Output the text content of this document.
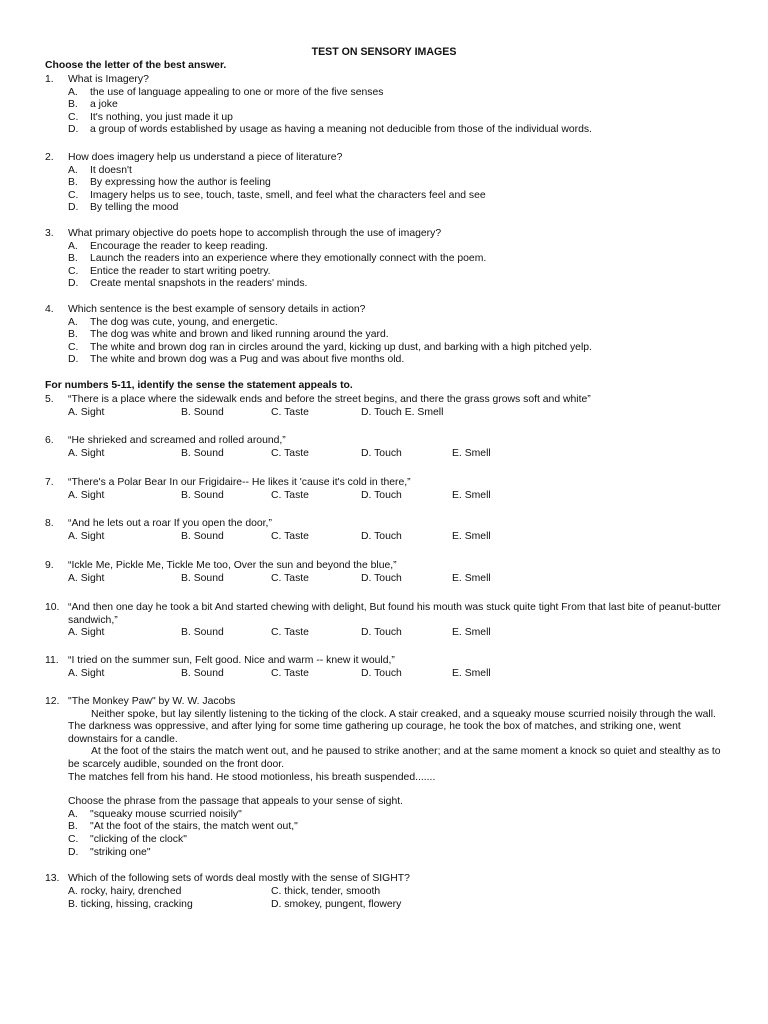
TEST ON SENSORY IMAGES
Choose the letter of the best answer.
1. What is Imagery?
A. the use of language appealing to one or more of the five senses
B. a joke
C. It's nothing, you just made it up
D. a group of words established by usage as having a meaning not deducible from those of the individual words.
2. How does imagery help us understand a piece of literature?
A. It doesn't
B. By expressing how the author is feeling
C. Imagery helps us to see, touch, taste, smell, and feel what the characters feel and see
D. By telling the mood
3. What primary objective do poets hope to accomplish through the use of imagery?
A. Encourage the reader to keep reading.
B. Launch the readers into an experience where they emotionally connect with the poem.
C. Entice the reader to start writing poetry.
D. Create mental snapshots in the readers' minds.
4. Which sentence is the best example of sensory details in action?
A. The dog was cute, young, and energetic.
B. The dog was white and brown and liked running around the yard.
C. The white and brown dog ran in circles around the yard, kicking up dust, and barking with a high pitched yelp.
D. The white and brown dog was a Pug and was about five months old.
For numbers 5-11, identify the sense the statement appeals to.
5. “There is a place where the sidewalk ends and before the street begins, and there the grass grows soft and white”
A. Sight	B. Sound	C. Taste	D. Touch E. Smell
6. “He shrieked and screamed and rolled around,”
A. Sight	B. Sound	C. Taste	D. Touch	E. Smell
7. “There's a Polar Bear In our Frigidaire-- He likes it 'cause it's cold in there,”
A. Sight	B. Sound	C. Taste	D. Touch	E. Smell
8. “And he lets out a roar If you open the door,”
A. Sight	B. Sound	C. Taste	D. Touch	E. Smell
9. “Ickle Me, Pickle Me, Tickle Me too, Over the sun and beyond the blue,”
A. Sight	B. Sound	C. Taste	D. Touch	E. Smell
10. “And then one day he took a bit And started chewing with delight, But found his mouth was stuck quite tight From that last bite of peanut-butter sandwich,”
A. Sight	B. Sound	C. Taste	D. Touch	E. Smell
11. “I tried on the summer sun, Felt good. Nice and warm -- knew it would,”
A. Sight	B. Sound	C. Taste	D. Touch	E. Smell
12. "The Monkey Paw" by W. W. Jacobs
Neither spoke, but lay silently listening to the ticking of the clock. A stair creaked, and a squeaky mouse scurried noisily through the wall. The darkness was oppressive, and after lying for some time gathering up courage, he took the box of matches, and striking one, went downstairs for a candle.
At the foot of the stairs the match went out, and he paused to strike another; and at the same moment a knock so quiet and stealthy as to be scarcely audible, sounded on the front door.
The matches fell from his hand. He stood motionless, his breath suspended.......
Choose the phrase from the passage that appeals to your sense of sight.
A. "squeaky mouse scurried noisily"
B. "At the foot of the stairs, the match went out,"
C. "clicking of the clock"
D. "striking one"
13. Which of the following sets of words deal mostly with the sense of SIGHT?
A. rocky, hairy, drenched	C. thick, tender, smooth
B. ticking, hissing, cracking	D. smokey, pungent, flowery
